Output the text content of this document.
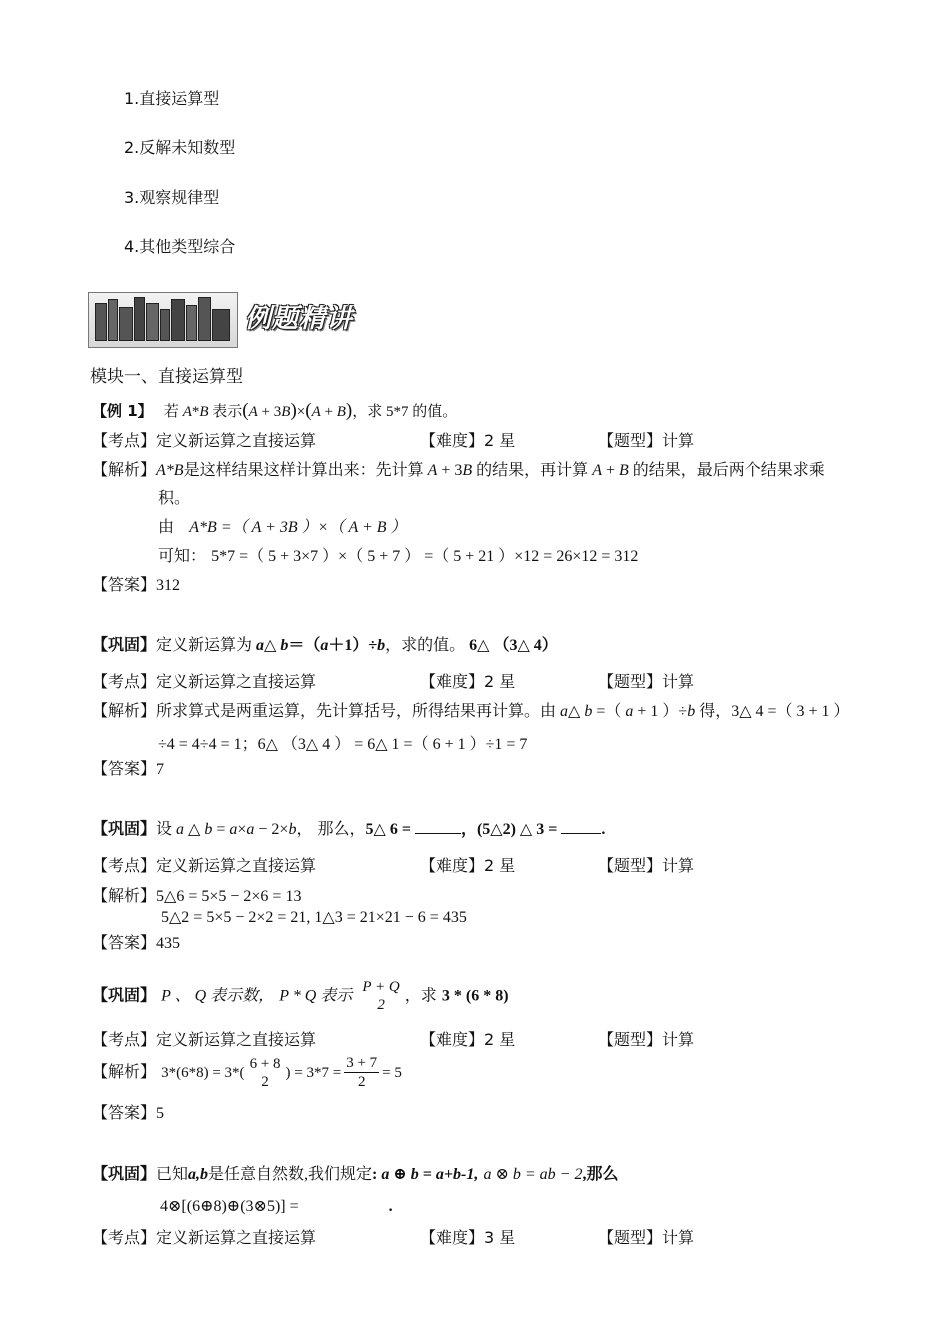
1.直接运算型
2.反解未知数型
3.观察规律型
4.其他类型综合
例题精讲
模块一、直接运算型
【例 1】   若 A*B 表示(A + 3B)×(A + B)，求 5*7 的值。
【考点】定义新运算之直接运算	【难度】2 星	【题型】计算
【解析】A*B是这样结果这样计算出来：先计算 A + 3B 的结果，再计算 A + B 的结果，最后两个结果求乘
积。
由 A*B =（ A + 3B ）×（ A + B ）
可知： 5*7 =（ 5 + 3×7 ）×（ 5 + 7 ） =（ 5 + 21 ）×12 = 26×12 = 312
【答案】312
【巩固】定义新运算为 a△ b＝（a＋1）÷b，求的值。 6△ （3△ 4）
【考点】定义新运算之直接运算	【难度】2 星	【题型】计算
【解析】所求算式是两重运算，先计算括号，所得结果再计算。由 a△ b =（ a + 1 ）÷b 得，3△ 4 =（ 3 + 1 ）
÷4 = 4÷4 = 1；6△ （3△ 4 ） = 6△ 1 =（ 6 + 1 ）÷1 = 7
【答案】7
【巩固】设 a △ b = a×a − 2×b， 那么，5△ 6 =	，(5△2) △ 3 =	.
【考点】定义新运算之直接运算	【难度】2 星	【题型】计算
【解析】5△6 = 5×5 − 2×6 = 13
5△2 = 5×5 − 2×2 = 21, 1△3 = 21×21 − 6 = 435
【答案】435
【巩固】 P 、 Q 表示数， P * Q 表示
P + Q
2
，求 3 * (6 * 8)
【考点】定义新运算之直接运算	【难度】2 星	【题型】计算
【解析】 3*(6*8) = 3*(
6 + 8
2
) = $3*7 = \frac{3 + 7}{2} = 5$
【答案】5
【巩固】已知a,b是任意自然数,我们规定: a ⊕ b = a+b-1, a ⊗ b = ab − 2,那么
4⊗[(6⊕8)⊕(3⊗5)] =	.
【考点】定义新运算之直接运算	【难度】3 星	【题型】计算
